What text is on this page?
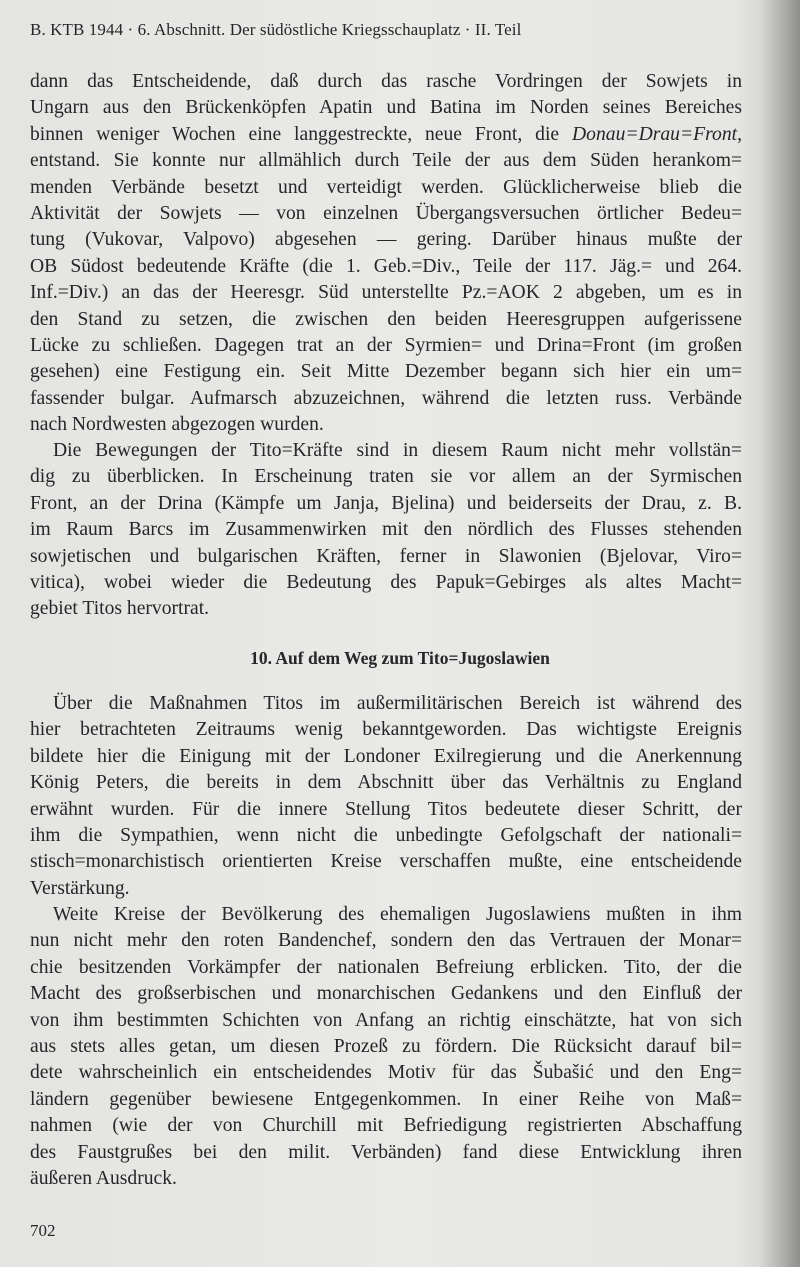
B. KTB 1944 · 6. Abschnitt. Der südöstliche Kriegsschauplatz · II. Teil
dann das Entscheidende, daß durch das rasche Vordringen der Sowjets in
Ungarn aus den Brückenköpfen Apatin und Batina im Norden seines Bereiches
binnen weniger Wochen eine langgestreckte, neue Front, die Donau=Drau=Front,
entstand. Sie konnte nur allmählich durch Teile der aus dem Süden herankom=
menden Verbände besetzt und verteidigt werden. Glücklicherweise blieb die
Aktivität der Sowjets — von einzelnen Übergangsversuchen örtlicher Bedeu=
tung (Vukovar, Valpovo) abgesehen — gering. Darüber hinaus mußte der
OB Südost bedeutende Kräfte (die 1. Geb.=Div., Teile der 117. Jäg.= und 264.
Inf.=Div.) an das der Heeresgr. Süd unterstellte Pz.=AOK 2 abgeben, um es in
den Stand zu setzen, die zwischen den beiden Heeresgruppen aufgerissene
Lücke zu schließen. Dagegen trat an der Syrmien= und Drina=Front (im großen
gesehen) eine Festigung ein. Seit Mitte Dezember begann sich hier ein um=
fassender bulgar. Aufmarsch abzuzeichnen, während die letzten russ. Verbände
nach Nordwesten abgezogen wurden.
Die Bewegungen der Tito=Kräfte sind in diesem Raum nicht mehr vollstän=
dig zu überblicken. In Erscheinung traten sie vor allem an der Syrmischen
Front, an der Drina (Kämpfe um Janja, Bjelina) und beiderseits der Drau, z. B.
im Raum Barcs im Zusammenwirken mit den nördlich des Flusses stehenden
sowjetischen und bulgarischen Kräften, ferner in Slawonien (Bjelovar, Viro=
vitica), wobei wieder die Bedeutung des Papuk=Gebirges als altes Macht=
gebiet Titos hervortrat.
10. Auf dem Weg zum Tito=Jugoslawien
Über die Maßnahmen Titos im außermilitärischen Bereich ist während des
hier betrachteten Zeitraums wenig bekanntgeworden. Das wichtigste Ereignis
bildete hier die Einigung mit der Londoner Exilregierung und die Anerkennung
König Peters, die bereits in dem Abschnitt über das Verhältnis zu England
erwähnt wurden. Für die innere Stellung Titos bedeutete dieser Schritt, der
ihm die Sympathien, wenn nicht die unbedingte Gefolgschaft der nationali=
stisch=monarchistisch orientierten Kreise verschaffen mußte, eine entscheidende
Verstärkung.
Weite Kreise der Bevölkerung des ehemaligen Jugoslawiens mußten in ihm
nun nicht mehr den roten Bandenchef, sondern den das Vertrauen der Monar=
chie besitzenden Vorkämpfer der nationalen Befreiung erblicken. Tito, der die
Macht des großserbischen und monarchischen Gedankens und den Einfluß der
von ihm bestimmten Schichten von Anfang an richtig einschätzte, hat von sich
aus stets alles getan, um diesen Prozeß zu fördern. Die Rücksicht darauf bil=
dete wahrscheinlich ein entscheidendes Motiv für das Šubašić und den Eng=
ländern gegenüber bewiesene Entgegenkommen. In einer Reihe von Maß=
nahmen (wie der von Churchill mit Befriedigung registrierten Abschaffung
des Faustgrußes bei den milit. Verbänden) fand diese Entwicklung ihren
äußeren Ausdruck.
702
